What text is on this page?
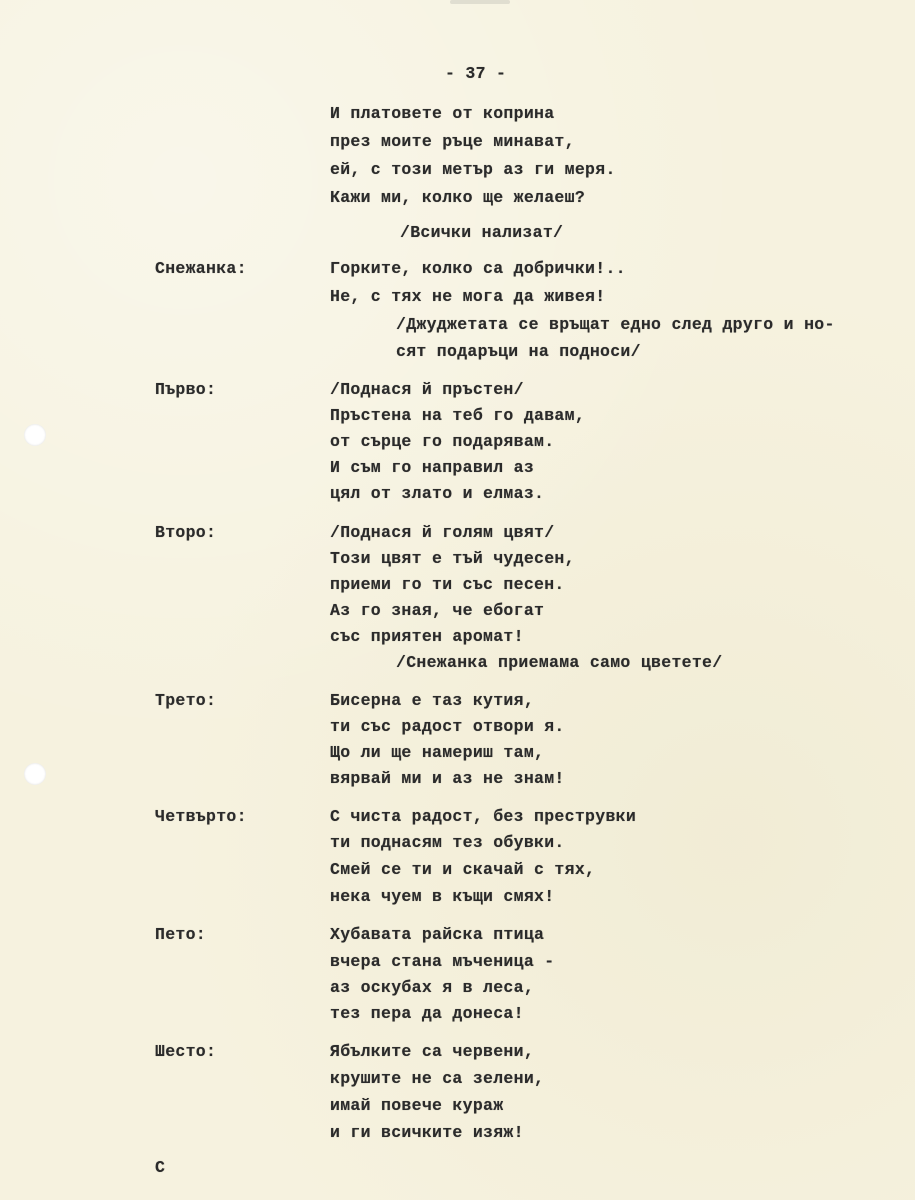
- 37 -
И платовете от коприна
през моите ръце минават,
ей, с този метър аз ги меря.
Кажи ми, колко ще желаеш?
/Всички нализат/
Снежанка:	Горките, колко са добрички!..
Не, с тях не мога да живея!
/Джуджетата се връщат едно след друго и но-
сят подаръци на подноси/
Първо:	/Поднася й пръстен/
Пръстена на теб го давам,
от сърце го подарявам.
И съм го направил аз
цял от злато и елмаз.
Второ:	/Поднася й голям цвят/
Този цвят е тъй чудесен,
приеми го ти със песен.
Аз го зная, че ебогат
със приятен аромат!
/Снежанка приемама само цветете/
Трето:	Бисерна е таз кутия,
ти със радост отвори я.
Що ли ще намериш там,
вярвай ми и аз не знам!
Четвърто:	С чиста радост, без преструвки
ти поднасям тез обувки.
Смей се ти и скачай с тях,
нека чуем в къщи смях!
Пето:	Хубавата райска птица
вчера стана мъченица -
аз оскубах я в леса,
тез пера да донеса!
Шесто:	Ябълките са червени,
крушите не са зелени,
имай повече кураж
и ги всичките изяж!
С
